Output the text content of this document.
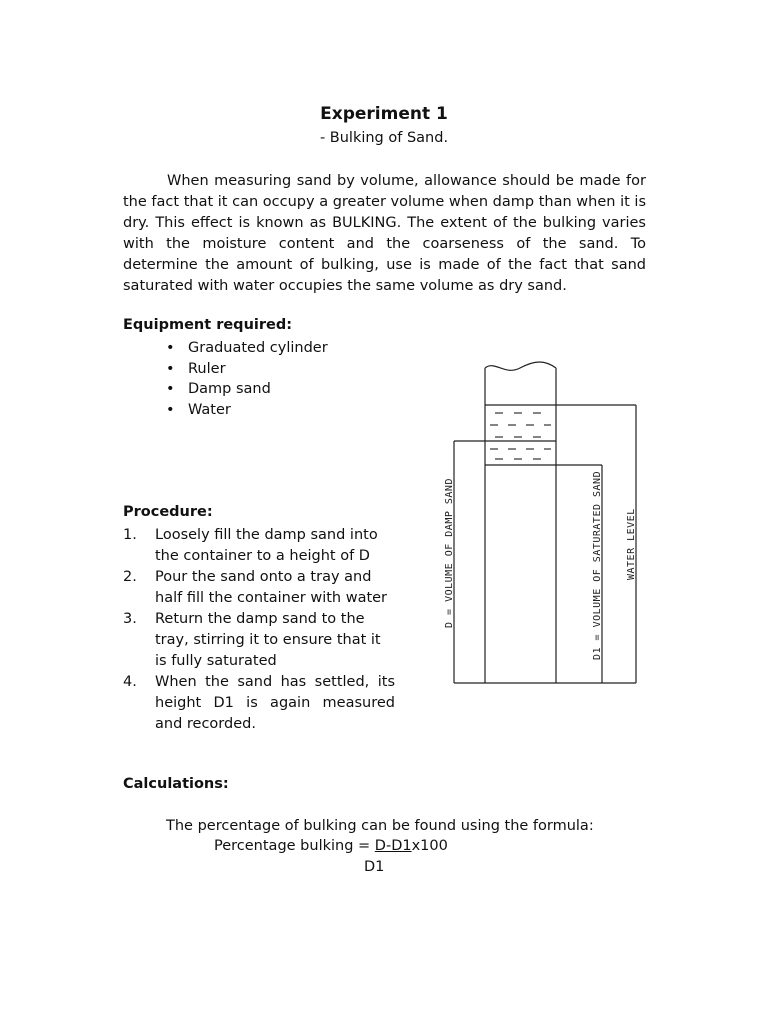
Experiment 1
- Bulking of Sand.

When measuring sand by volume, allowance should be made for the fact that it can occupy a greater volume when damp than when it is dry. This effect is known as BULKING. The extent of the bulking varies with the moisture content and the coarseness of the sand. To determine the amount of bulking, use is made of the fact that sand saturated with water occupies the same volume as dry sand.

Equipment required:
• Graduated cylinder
• Ruler
• Damp sand
• Water
Procedure:
1. Loosely fill the damp sand into the container to a height of D
2. Pour the sand onto a tray and half fill the container with water
3. Return the damp sand to the tray, stirring it to ensure that it is fully saturated
4. When the sand has settled, its height D1 is again measured and recorded.
Calculations:
The percentage of bulking can be found using the formula:
Percentage bulking = D-D1x100
D1
D = VOLUME OF DAMP SAND	D1 = VOLUME OF SATURATED SAND WATER LEVEL
